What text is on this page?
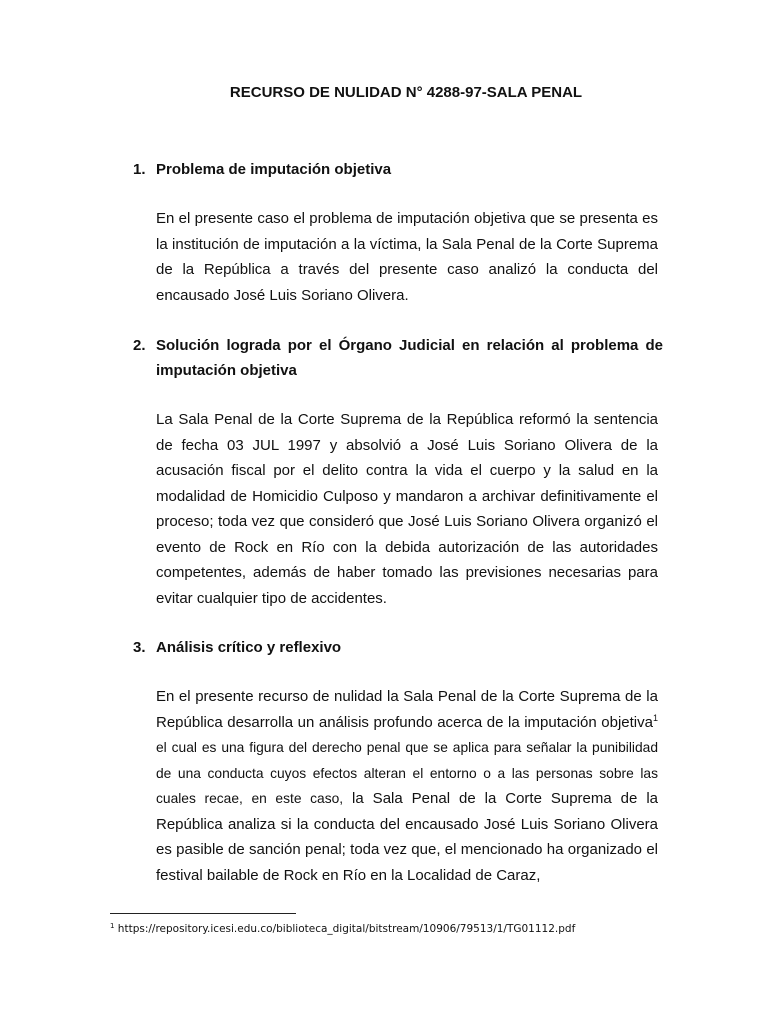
RECURSO DE NULIDAD N° 4288-97-SALA PENAL
1. Problema de imputación objetiva
En el presente caso el problema de imputación objetiva que se presenta es la institución de imputación a la víctima, la Sala Penal de la Corte Suprema de la República a través del presente caso analizó la conducta del encausado José Luis Soriano Olivera.
2. Solución lograda por el Órgano Judicial en relación al problema de imputación objetiva
La Sala Penal de la Corte Suprema de la República reformó la sentencia de fecha 03 JUL 1997 y absolvió a José Luis Soriano Olivera de la acusación fiscal por el delito contra la vida el cuerpo y la salud en la modalidad de Homicidio Culposo y mandaron a archivar definitivamente el proceso; toda vez que consideró que José Luis Soriano Olivera organizó el evento de Rock en Río con la debida autorización de las autoridades competentes, además de haber tomado las previsiones necesarias para evitar cualquier tipo de accidentes.
3. Análisis crítico y reflexivo
En el presente recurso de nulidad la Sala Penal de la Corte Suprema de la República desarrolla un análisis profundo acerca de la imputación objetiva$^1$ el cual es una figura del derecho penal que se aplica para señalar la punibilidad de una conducta cuyos efectos alteran el entorno o a las personas sobre las cuales recae, en este caso, la Sala Penal de la Corte Suprema de la República analiza si la conducta del encausado José Luis Soriano Olivera es pasible de sanción penal; toda vez que, el mencionado ha organizado el festival bailable de Rock en Río en la Localidad de Caraz,
$^1$ https://repository.icesi.edu.co/biblioteca_digital/bitstream/10906/79513/1/TG01112.pdf
